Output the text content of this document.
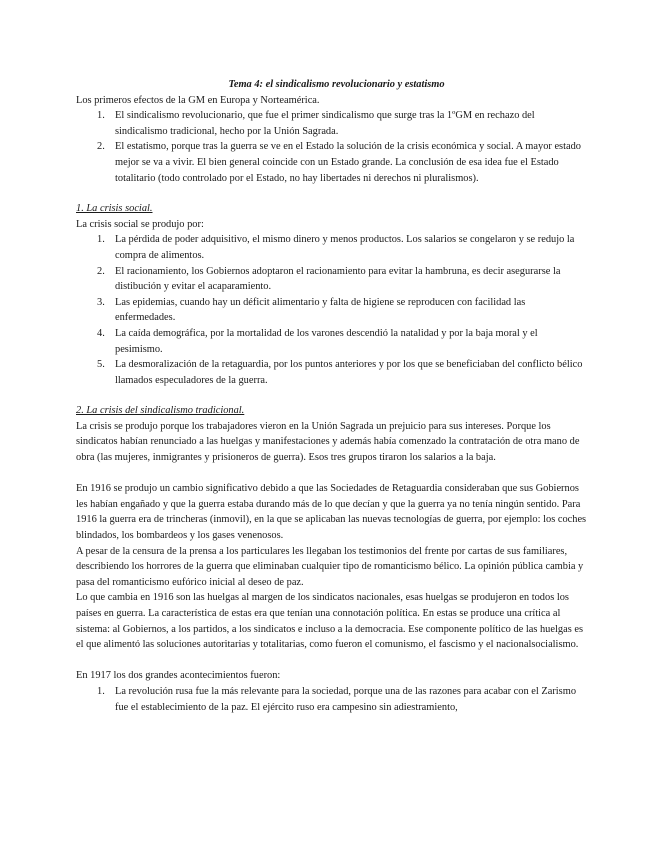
Tema 4: el sindicalismo revolucionario y estatismo

Los primeros efectos de la GM en Europa y Norteamérica.

1. El sindicalismo revolucionario, que fue el primer sindicalismo que surge tras la 1ºGM en rechazo del sindicalismo tradicional, hecho por la Unión Sagrada.
2. El estatismo, porque tras la guerra se ve en el Estado la solución de la crisis económica y social. A mayor estado mejor se va a vivir. El bien general coincide con un Estado grande. La conclusión de esa idea fue el Estado totalitario (todo controlado por el Estado, no hay libertades ni derechos ni pluralismos).

1. La crisis social.

La crisis social se produjo por:

1. La pérdida de poder adquisitivo, el mismo dinero y menos productos. Los salarios se congelaron y se redujo la compra de alimentos.
2. El racionamiento, los Gobiernos adoptaron el racionamiento para evitar la hambruna, es decir asegurarse la distibución y evitar el acaparamiento.
3. Las epidemias, cuando hay un déficit alimentario y falta de higiene se reproducen con facilidad las enfermedades.
4. La caída demográfica, por la mortalidad de los varones descendió la natalidad y por la baja moral y el pesimismo.
5. La desmoralización de la retaguardia, por los puntos anteriores y por los que se beneficiaban del conflicto bélico llamados especuladores de la guerra.

2. La crisis del sindicalismo tradicional.

La crisis se produjo porque los trabajadores vieron en la Unión Sagrada un prejuicio para sus intereses. Porque los sindicatos habían renunciado a las huelgas y manifestaciones y además había comenzado la contratación de otra mano de obra (las mujeres, inmigrantes y prisioneros de guerra). Esos tres grupos tiraron los salarios a la baja.

En 1916 se produjo un cambio significativo debido a que las Sociedades de Retaguardia consideraban que sus Gobiernos les habían engañado y que la guerra estaba durando más de lo que decían y que la guerra ya no tenía ningún sentido. Para 1916 la guerra era de trincheras (inmovil), en la que se aplicaban las nuevas tecnologías de guerra, por ejemplo: los coches blindados, los bombardeos y los gases venenosos.

A pesar de la censura de la prensa a los particulares les llegaban los testimonios del frente por cartas de sus familiares, describiendo los horrores de la guerra que eliminaban cualquier tipo de romanticismo bélico. La opinión pública cambia y pasa del romanticismo eufórico inicial al deseo de paz.

Lo que cambia en 1916 son las huelgas al margen de los sindicatos nacionales, esas huelgas se produjeron en todos los países en guerra. La característica de estas era que tenían una connotación política. En estas se produce una crítica al sistema: al Gobiernos, a los partidos, a los sindicatos e incluso a la democracia. Ese componente político de las huelgas es el que alimentó las soluciones autoritarias y totalitarias, como fueron el comunismo, el fascismo y el nacionalsocialismo.

En 1917 los dos grandes acontecimientos fueron:

1. La revolución rusa fue la más relevante para la sociedad, porque una de las razones para acabar con el Zarismo fue el establecimiento de la paz. El ejército ruso era campesino sin adiestramiento,
